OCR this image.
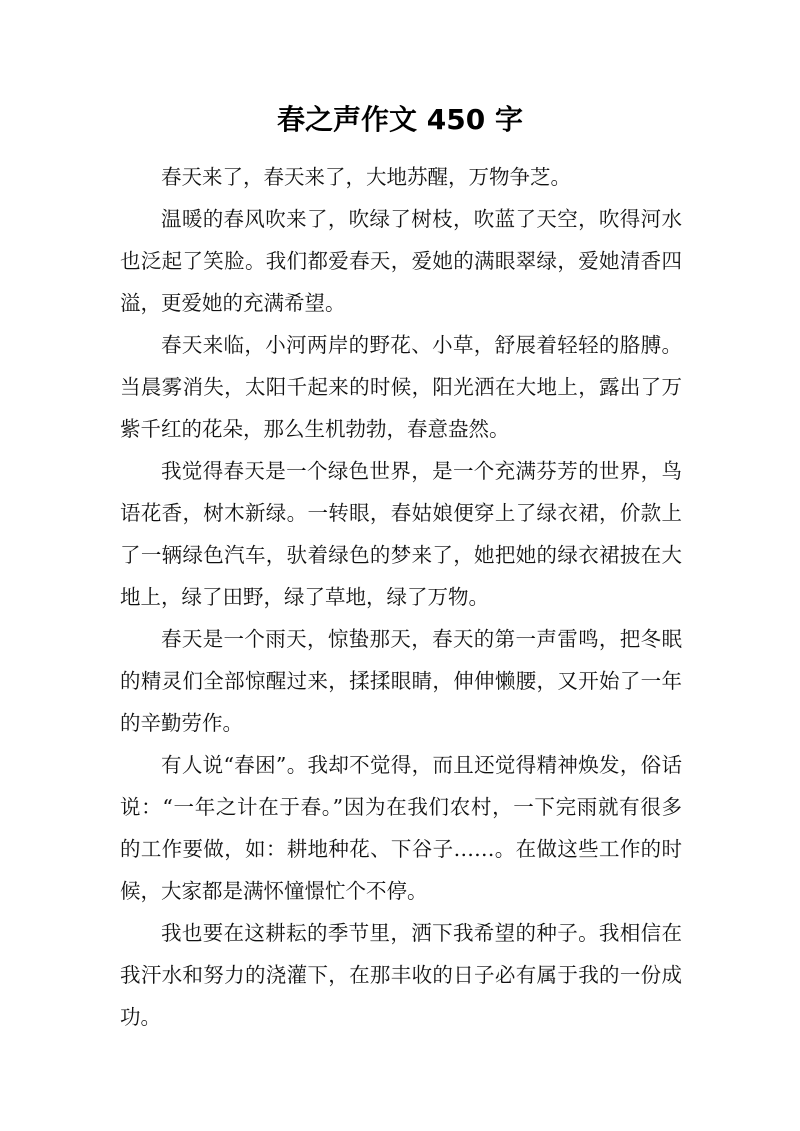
春之声作文 450 字

春天来了，春天来了，大地苏醒，万物争芝。

温暖的春风吹来了，吹绿了树枝，吹蓝了天空，吹得河水也泛起了笑脸。我们都爱春天，爱她的满眼翠绿，爱她清香四溢，更爱她的充满希望。

春天来临，小河两岸的野花、小草，舒展着轻轻的胳膊。当晨雾消失，太阳千起来的时候，阳光洒在大地上，露出了万紫千红的花朵，那么生机勃勃，春意盎然。

我觉得春天是一个绿色世界，是一个充满芬芳的世界，鸟语花香，树木新绿。一转眼，春姑娘便穿上了绿衣裙，价款上了一辆绿色汽车，驮着绿色的梦来了，她把她的绿衣裙披在大地上，绿了田野，绿了草地，绿了万物。

春天是一个雨天，惊蛰那天，春天的第一声雷鸣，把冬眠的精灵们全部惊醒过来，揉揉眼睛，伸伸懒腰，又开始了一年的辛勤劳作。

有人说“春困”。我却不觉得，而且还觉得精神焕发，俗话说：“一年之计在于春。”因为在我们农村，一下完雨就有很多的工作要做，如：耕地种花、下谷子……。在做这些工作的时候，大家都是满怀憧憬忙个不停。

我也要在这耕耘的季节里，洒下我希望的种子。我相信在我汗水和努力的浇灌下，在那丰收的日子必有属于我的一份成功。
